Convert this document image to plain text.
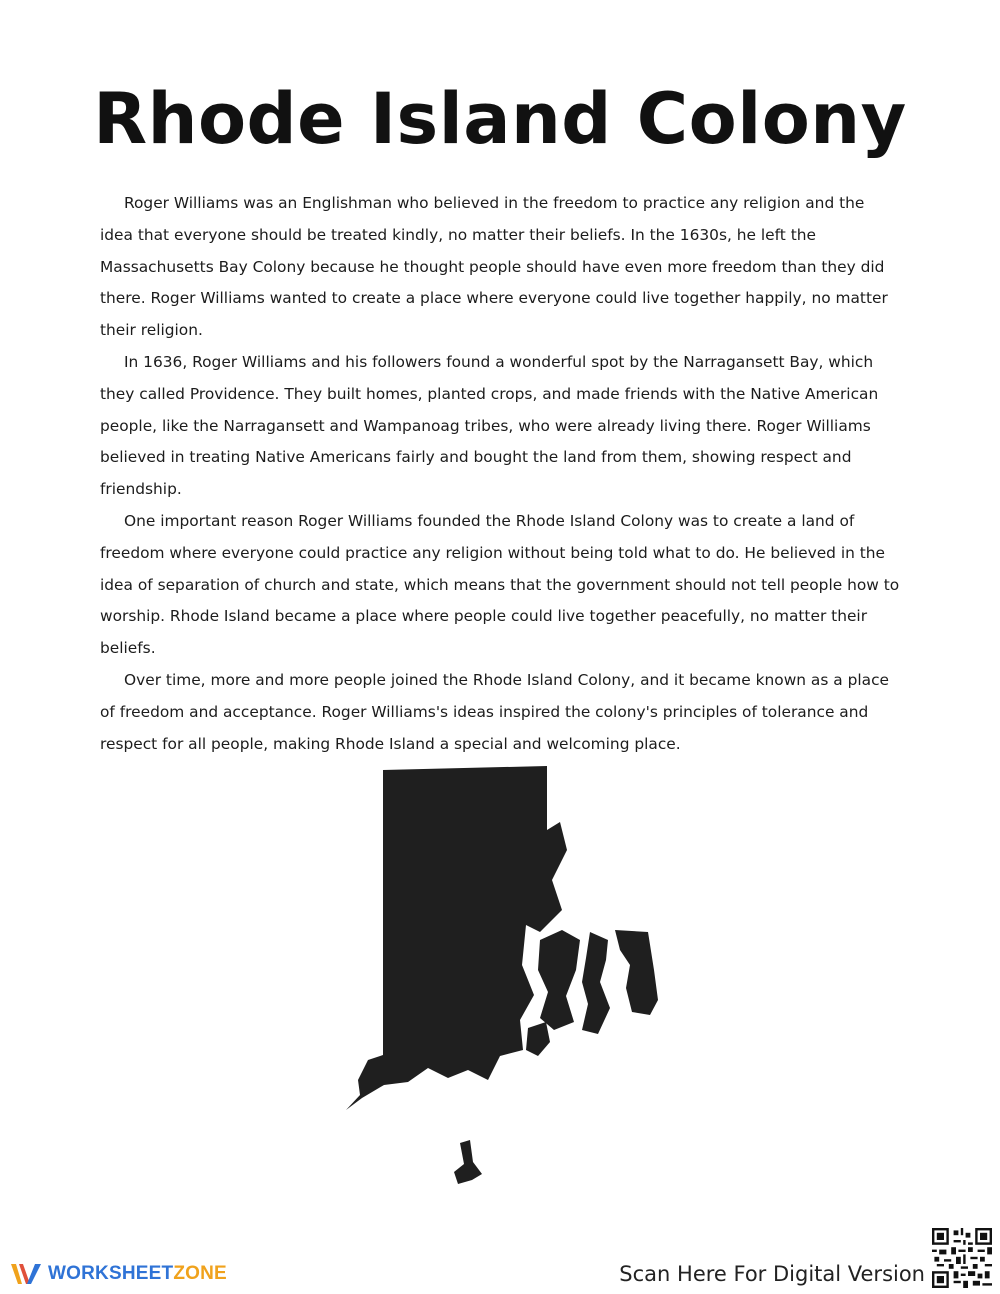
Rhode Island Colony

Roger Williams was an Englishman who believed in the freedom to practice any religion and the idea that everyone should be treated kindly, no matter their beliefs. In the 1630s, he left the Massachusetts Bay Colony because he thought people should have even more freedom than they did there. Roger Williams wanted to create a place where everyone could live together happily, no matter their religion.

In 1636, Roger Williams and his followers found a wonderful spot by the Narragansett Bay, which they called Providence. They built homes, planted crops, and made friends with the Native American people, like the Narragansett and Wampanoag tribes, who were already living there. Roger Williams believed in treating Native Americans fairly and bought the land from them, showing respect and friendship.

One important reason Roger Williams founded the Rhode Island Colony was to create a land of freedom where everyone could practice any religion without being told what to do. He believed in the idea of separation of church and state, which means that the government should not tell people how to worship. Rhode Island became a place where people could live together peacefully, no matter their beliefs.

Over time, more and more people joined the Rhode Island Colony, and it became known as a place of freedom and acceptance. Roger Williams's ideas inspired the colony's principles of tolerance and respect for all people, making Rhode Island a special and welcoming place.

WORKSHEETZONE	Scan Here For Digital Version
